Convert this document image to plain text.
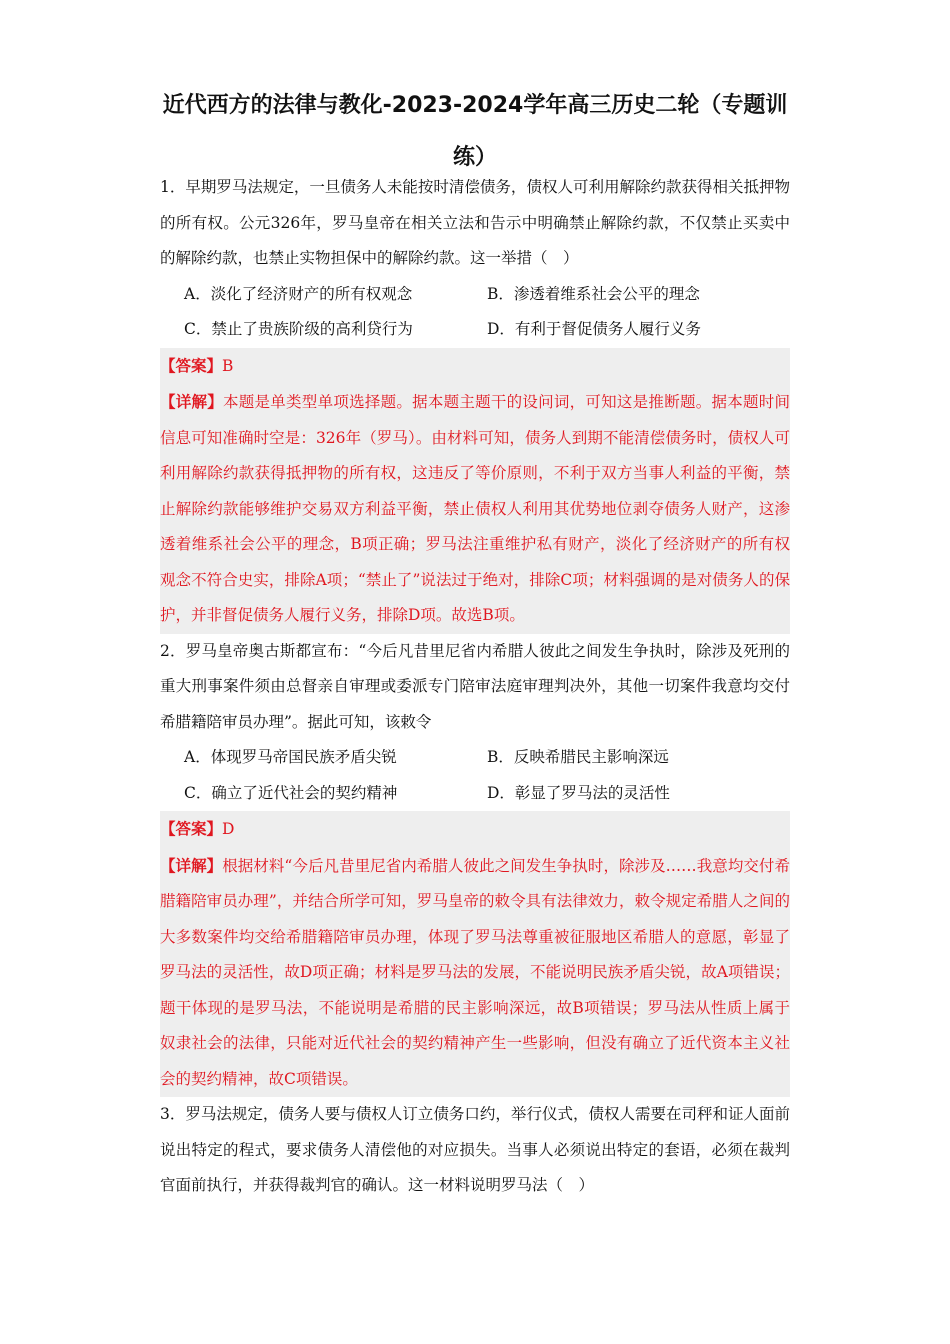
近代西方的法律与教化-2023-2024学年高三历史二轮（专题训练）
1．早期罗马法规定，一旦债务人未能按时清偿债务，债权人可利用解除约款获得相关抵押物的所有权。公元326年，罗马皇帝在相关立法和告示中明确禁止解除约款，不仅禁止买卖中的解除约款，也禁止实物担保中的解除约款。这一举措（　）
A．淡化了经济财产的所有权观念	B．渗透着维系社会公平的理念
C．禁止了贵族阶级的高利贷行为	D．有利于督促债务人履行义务
【答案】B
【详解】本题是单类型单项选择题。据本题主题干的设问词，可知这是推断题。据本题时间信息可知准确时空是：326年（罗马）。由材料可知，债务人到期不能清偿债务时，债权人可利用解除约款获得抵押物的所有权，这违反了等价原则，不利于双方当事人利益的平衡，禁止解除约款能够维护交易双方利益平衡，禁止债权人利用其优势地位剥夺债务人财产，这渗透着维系社会公平的理念，B项正确；罗马法注重维护私有财产，淡化了经济财产的所有权观念不符合史实，排除A项；“禁止了”说法过于绝对，排除C项；材料强调的是对债务人的保护，并非督促债务人履行义务，排除D项。故选B项。
2．罗马皇帝奥古斯都宣布：“今后凡昔里尼省内希腊人彼此之间发生争执时，除涉及死刑的重大刑事案件须由总督亲自审理或委派专门陪审法庭审理判决外，其他一切案件我意均交付希腊籍陪审员办理”。据此可知，该敕令
A．体现罗马帝国民族矛盾尖锐	B．反映希腊民主影响深远
C．确立了近代社会的契约精神	D．彰显了罗马法的灵活性
【答案】D
【详解】根据材料“今后凡昔里尼省内希腊人彼此之间发生争执时，除涉及……我意均交付希腊籍陪审员办理”，并结合所学可知，罗马皇帝的敕令具有法律效力，敕令规定希腊人之间的大多数案件均交给希腊籍陪审员办理，体现了罗马法尊重被征服地区希腊人的意愿，彰显了罗马法的灵活性，故D项正确；材料是罗马法的发展，不能说明民族矛盾尖锐，故A项错误；题干体现的是罗马法，不能说明是希腊的民主影响深远，故B项错误；罗马法从性质上属于奴隶社会的法律，只能对近代社会的契约精神产生一些影响，但没有确立了近代资本主义社会的契约精神，故C项错误。
3．罗马法规定，债务人要与债权人订立债务口约，举行仪式，债权人需要在司秤和证人面前说出特定的程式，要求债务人清偿他的对应损失。当事人必须说出特定的套语，必须在裁判官面前执行，并获得裁判官的确认。这一材料说明罗马法（　）
